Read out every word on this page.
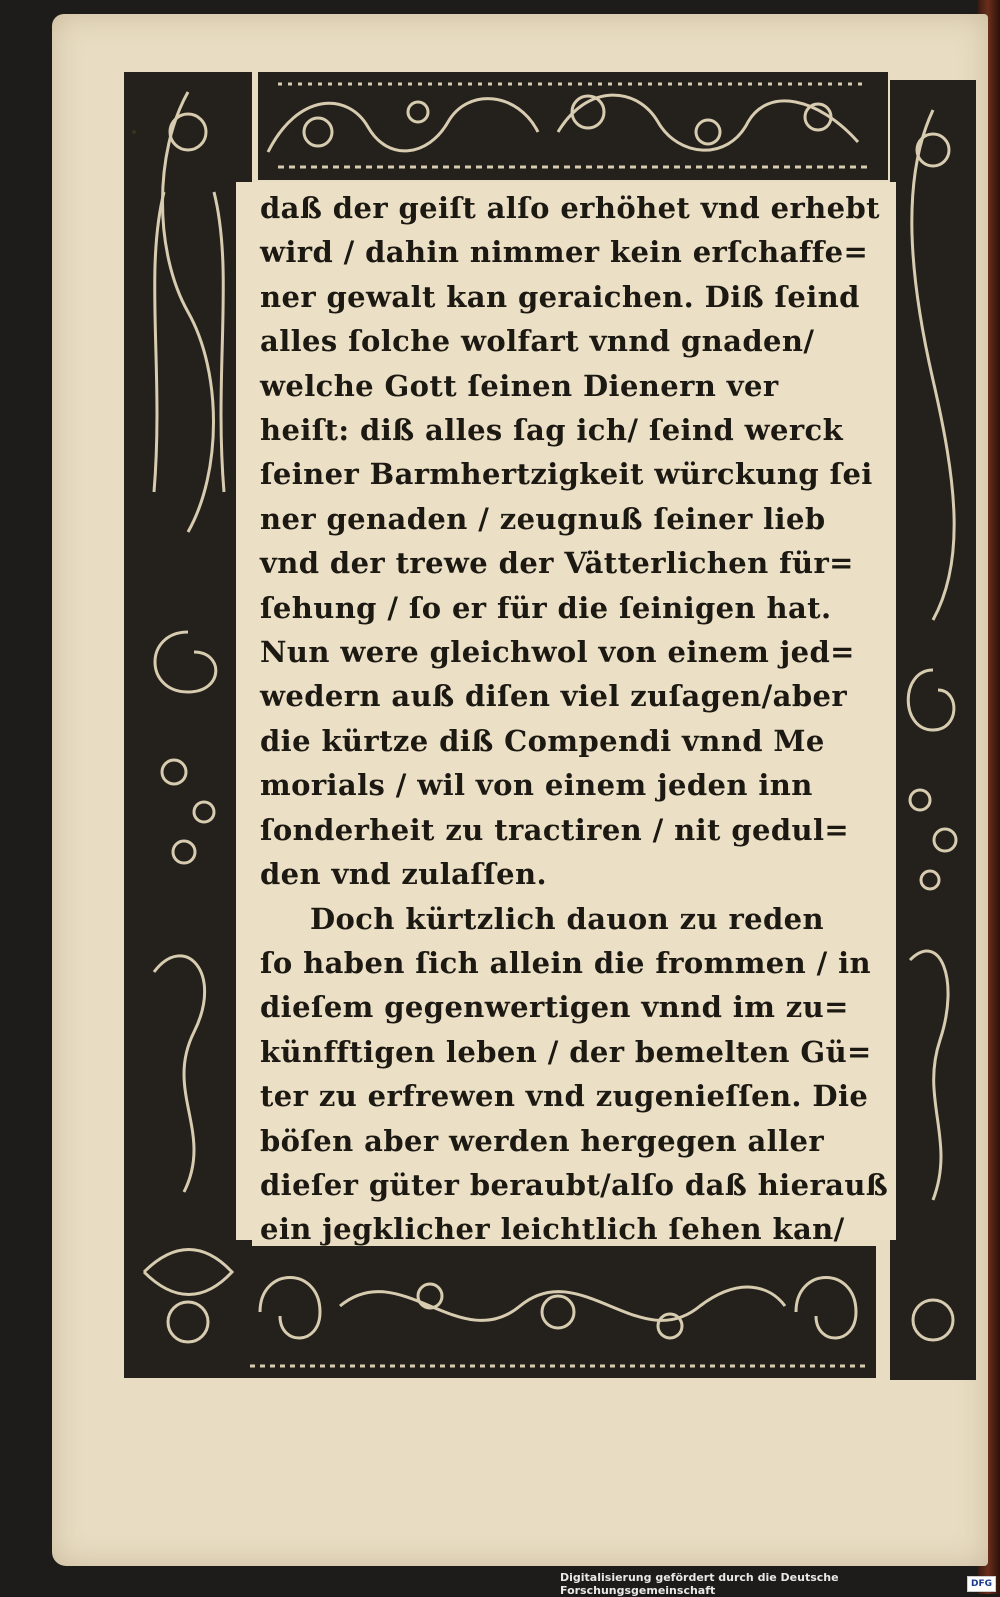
daß der geiſt alſo erhöhet vnd erhebt
wird / dahin nimmer kein erſchaffe=
ner gewalt kan geraichen. Diß ſeind
alles ſolche wolfart vnnd gnaden/
welche Gott ſeinen Dienern ver
heiſt: diß alles ſag ich/ ſeind werck
ſeiner Barmhertzigkeit würckung ſei
ner genaden / zeugnuß ſeiner lieb
vnd der trewe der Vätterlichen für=
ſehung / ſo er für die ſeinigen hat.
Nun were gleichwol von einem jed=
wedern auß diſen viel zuſagen/aber
die kürtze diß Compendi vnnd Me
morials / wil von einem jeden inn
ſonderheit zu tractiren / nit gedul=
den vnd zulaſſen.
Doch kürtzlich dauon zu reden
ſo haben ſich allein die frommen / in
dieſem gegenwertigen vnnd im zu=
künfftigen leben / der bemelten Gü=
ter zu erfrewen vnd zugenieſſen. Die
böſen aber werden hergegen aller
dieſer güter beraubt/alſo daß hierauß
ein jegklicher leichtlich ſehen kan/
Digitalisierung gefördert durch die Deutsche Forschungsgemeinschaft	DFG
